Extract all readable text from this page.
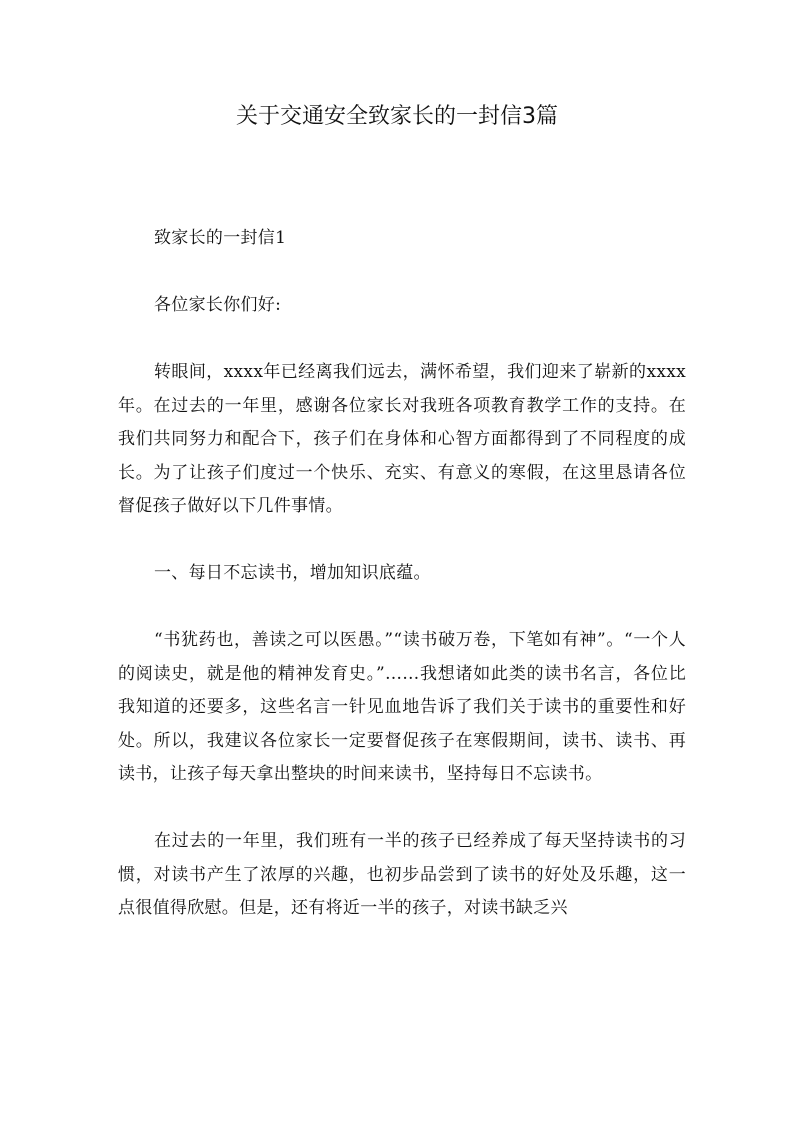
关于交通安全致家长的一封信3篇

致家长的一封信1

各位家长你们好:

转眼间，xxxx年已经离我们远去，满怀希望，我们迎来了崭新的xxxx年。在过去的一年里，感谢各位家长对我班各项教育教学工作的支持。在我们共同努力和配合下，孩子们在身体和心智方面都得到了不同程度的成长。为了让孩子们度过一个快乐、充实、有意义的寒假，在这里恳请各位督促孩子做好以下几件事情。

一、每日不忘读书，增加知识底蕴。

“书犹药也，善读之可以医愚。”“读书破万卷，下笔如有神”。“一个人的阅读史，就是他的精神发育史。”……我想诸如此类的读书名言，各位比我知道的还要多，这些名言一针见血地告诉了我们关于读书的重要性和好处。所以，我建议各位家长一定要督促孩子在寒假期间，读书、读书、再读书，让孩子每天拿出整块的时间来读书，坚持每日不忘读书。

在过去的一年里，我们班有一半的孩子已经养成了每天坚持读书的习惯，对读书产生了浓厚的兴趣，也初步品尝到了读书的好处及乐趣，这一点很值得欣慰。但是，还有将近一半的孩子，对读书缺乏兴
